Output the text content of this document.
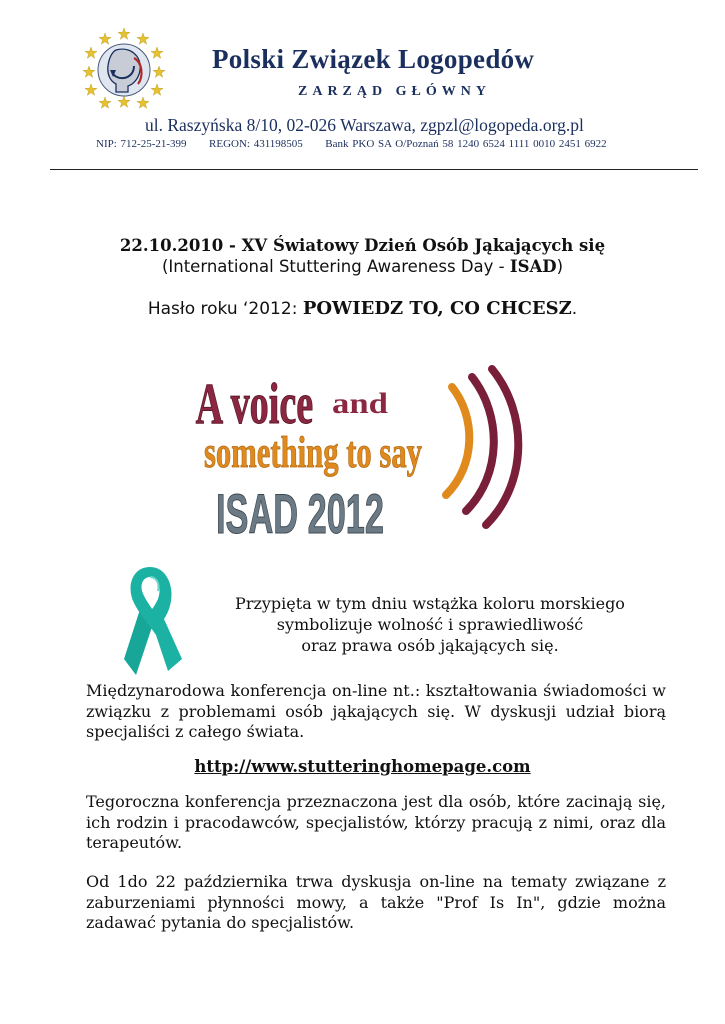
Polski Związek Logopedów
ZARZĄD GŁÓWNY
ul. Raszyńska 8/10, 02-026 Warszawa, zgpzl@logopeda.org.pl
NIP: 712-25-21-399      REGON: 431198505      Bank PKO SA O/Poznań 58 1240 6524 1111 0010 2451 6922
22.10.2010 - XV Światowy Dzień Osób Jąkających się
(International Stuttering Awareness Day - ISAD)
Hasło roku ‘2012: POWIEDZ TO, CO CHCESZ.
A voice and
something to say
ISAD 2012
Przypięta w tym dniu wstążka koloru morskiego
symbolizuje wolność i sprawiedliwość
oraz prawa osób jąkających się.
Międzynarodowa konferencja on-line nt.: kształtowania świadomości w związku z problemami osób jąkających się. W dyskusji udział biorą specjaliści z całego świata.
http://www.stutteringhomepage.com
Tegoroczna konferencja przeznaczona jest dla osób, które zacinają się, ich rodzin i pracodawców, specjalistów, którzy pracują z nimi, oraz dla terapeutów.
Od 1do 22 października trwa dyskusja on-line na tematy związane z zaburzeniami płynności mowy, a także "Prof Is In", gdzie można zadawać pytania do specjalistów.
